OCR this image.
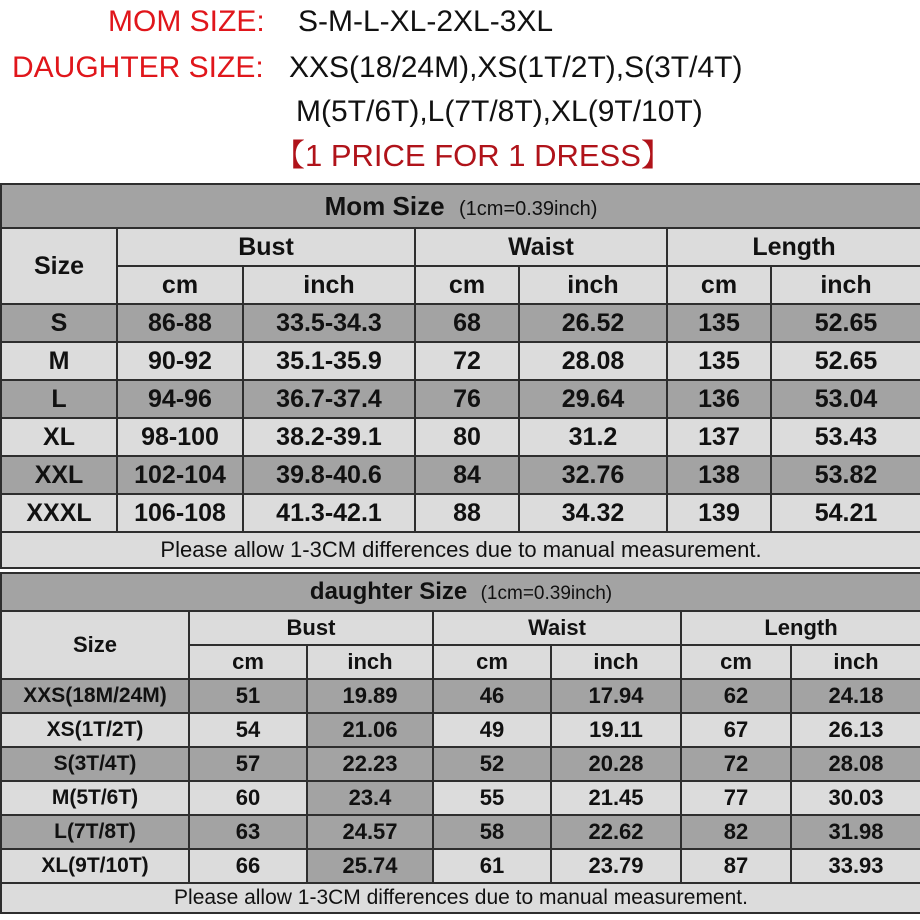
MOM SIZE: S-M-L-XL-2XL-3XL
DAUGHTER SIZE: XXS(18/24M),XS(1T/2T),S(3T/4T)
M(5T/6T),L(7T/8T),XL(9T/10T)
【1 PRICE FOR 1 DRESS】
Mom Size (1cm=0.39inch)						
Size	Bust		Waist		Length	
	cm	inch	cm	inch	cm	inch
S	86-88	33.5-34.3	68	26.52	135	52.65
M	90-92	35.1-35.9	72	28.08	135	52.65
L	94-96	36.7-37.4	76	29.64	136	53.04
XL	98-100	38.2-39.1	80	31.2	137	53.43
XXL	102-104	39.8-40.6	84	32.76	138	53.82
XXXL	106-108	41.3-42.1	88	34.32	139	54.21
Please allow 1-3CM differences due to manual measurement.						
daughter Size (1cm=0.39inch)						
Size	Bust		Waist		Length	
	cm	inch	cm	inch	cm	inch
XXS(18M/24M)	51	19.89	46	17.94	62	24.18
XS(1T/2T)	54	21.06	49	19.11	67	26.13
S(3T/4T)	57	22.23	52	20.28	72	28.08
M(5T/6T)	60	23.4	55	21.45	77	30.03
L(7T/8T)	63	24.57	58	22.62	82	31.98
XL(9T/10T)	66	25.74	61	23.79	87	33.93
Please allow 1-3CM differences due to manual measurement.						
